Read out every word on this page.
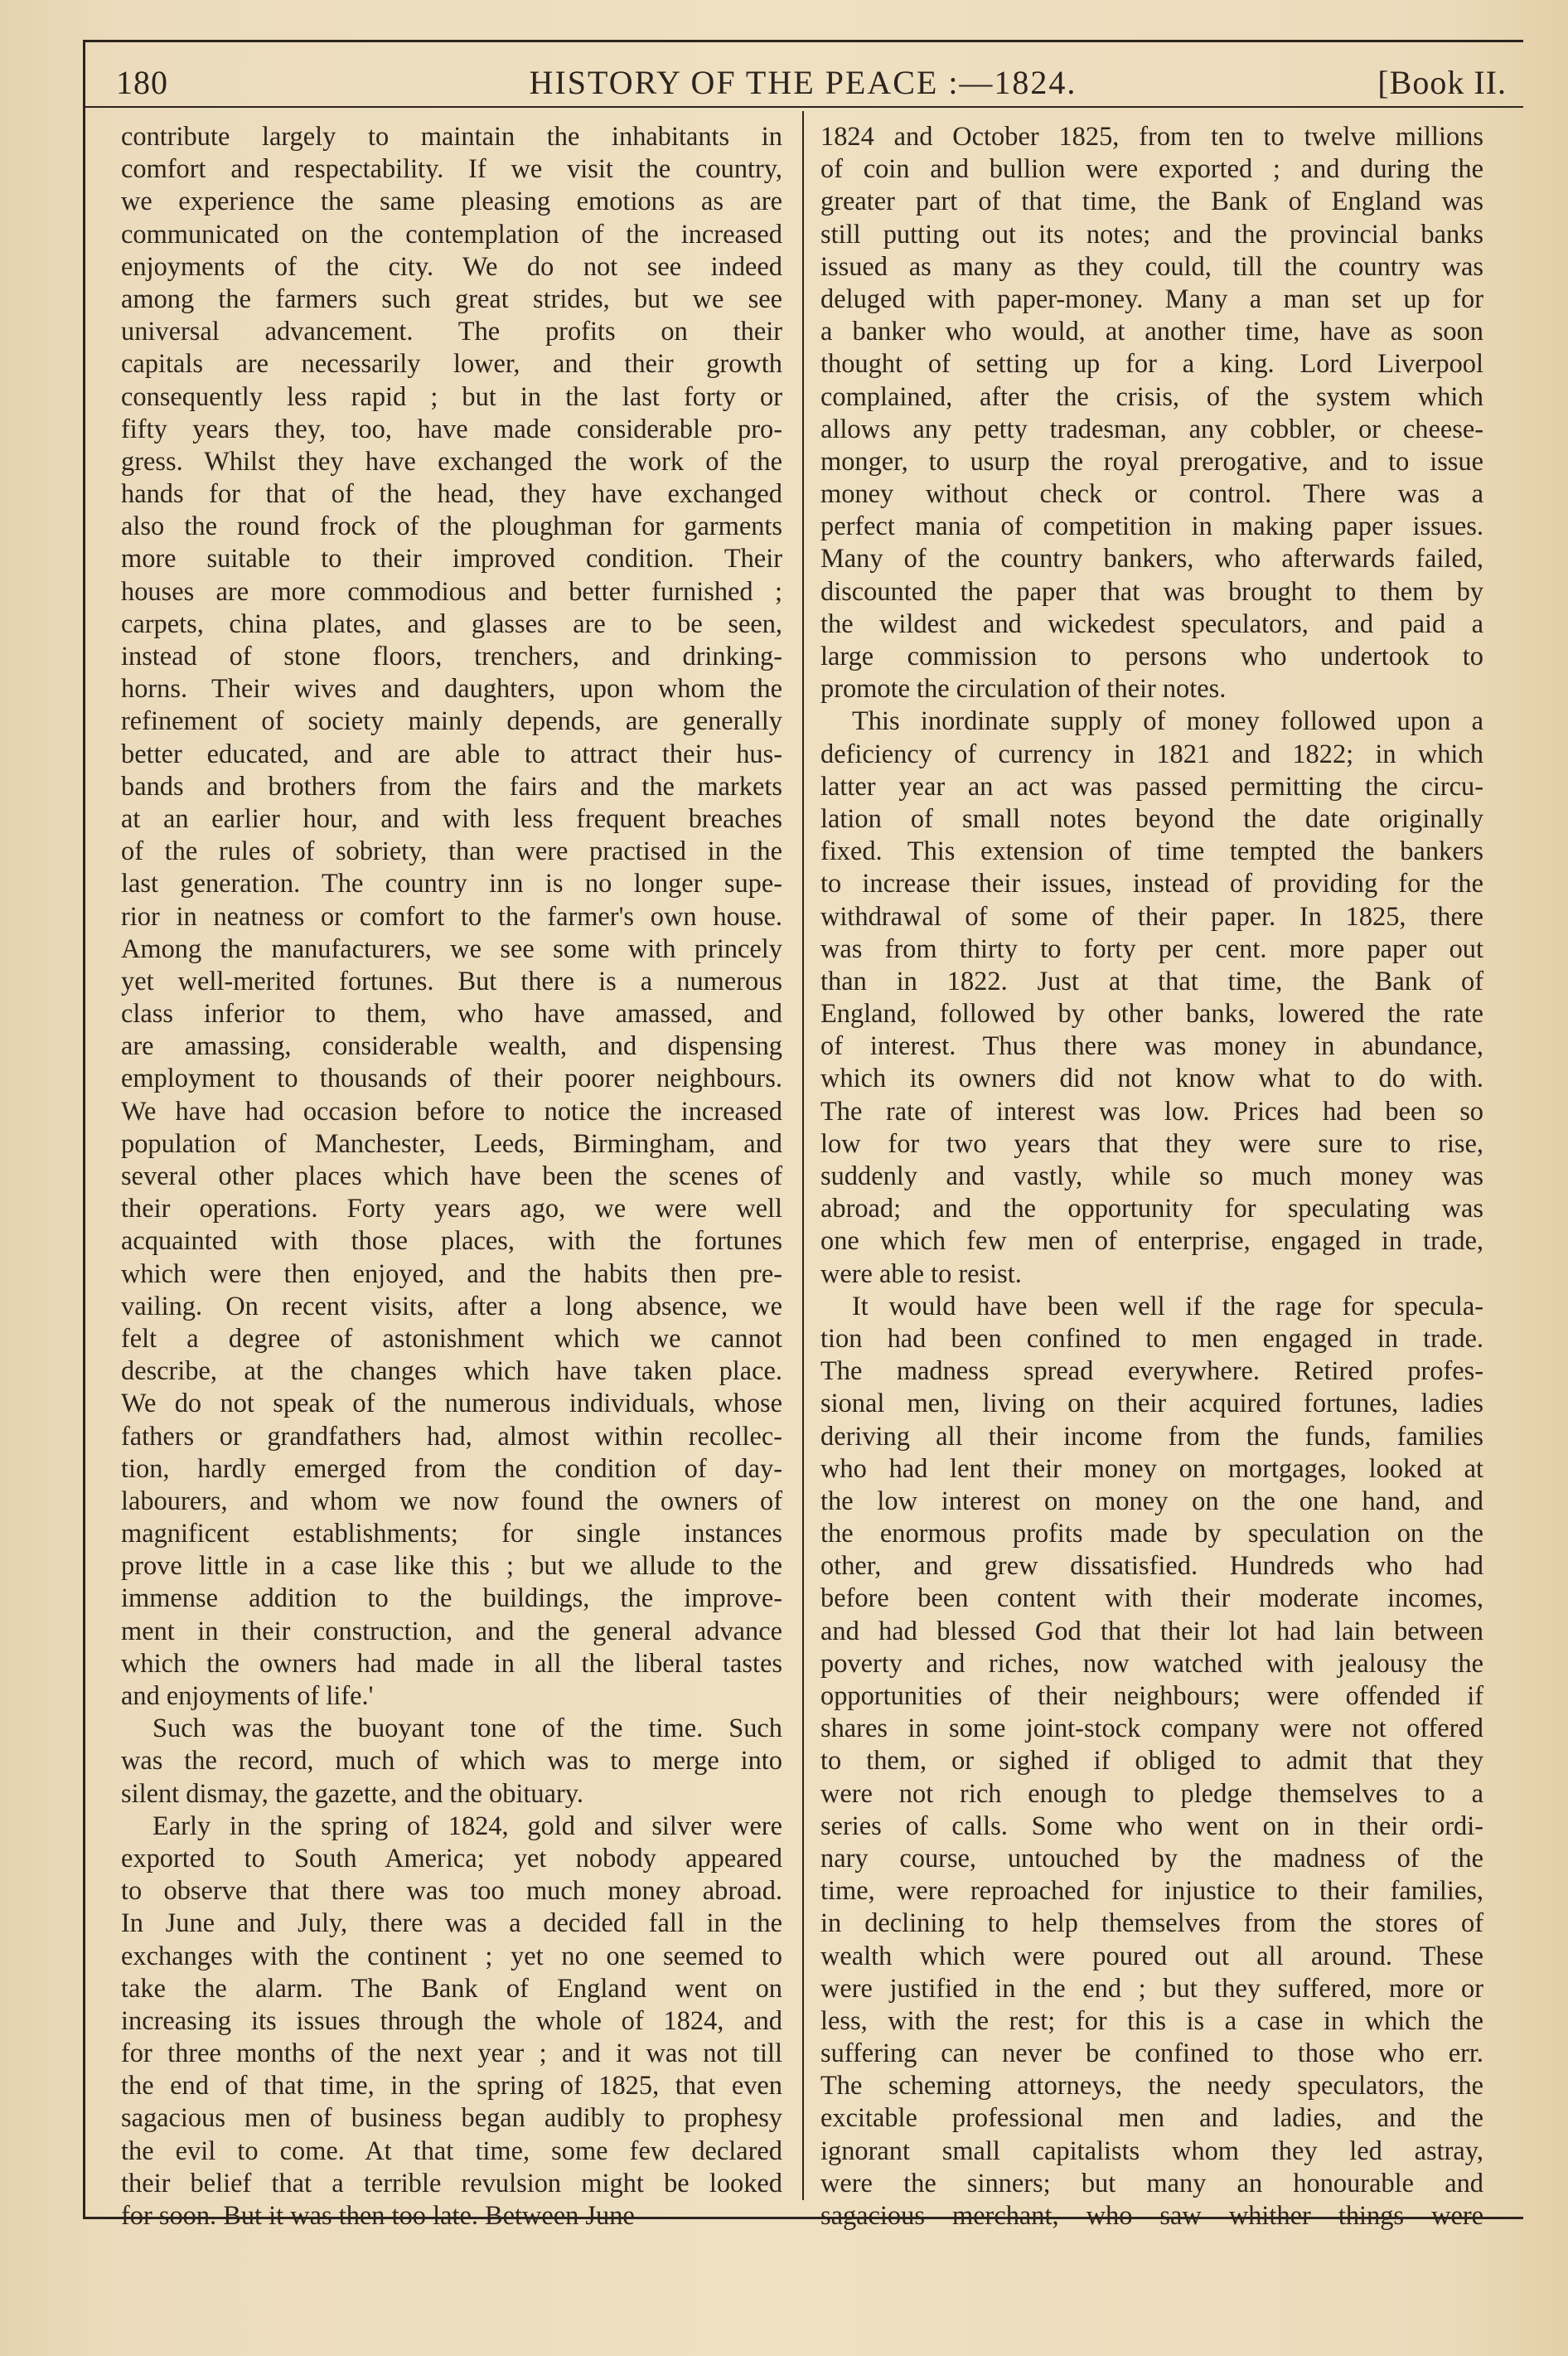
180	HISTORY OF THE PEACE :—1824.	[Book II.
contribute largely to maintain the inhabitants in
comfort and respectability. If we visit the country,
we experience the same pleasing emotions as are
communicated on the contemplation of the increased
enjoyments of the city. We do not see indeed
among the farmers such great strides, but we see
universal advancement. The profits on their
capitals are necessarily lower, and their growth
consequently less rapid ; but in the last forty or
fifty years they, too, have made considerable pro-
gress. Whilst they have exchanged the work of the
hands for that of the head, they have exchanged
also the round frock of the ploughman for garments
more suitable to their improved condition. Their
houses are more commodious and better furnished ;
carpets, china plates, and glasses are to be seen,
instead of stone floors, trenchers, and drinking-
horns. Their wives and daughters, upon whom the
refinement of society mainly depends, are generally
better educated, and are able to attract their hus-
bands and brothers from the fairs and the markets
at an earlier hour, and with less frequent breaches
of the rules of sobriety, than were practised in the
last generation. The country inn is no longer supe-
rior in neatness or comfort to the farmer's own house.
Among the manufacturers, we see some with princely
yet well-merited fortunes. But there is a numerous
class inferior to them, who have amassed, and
are amassing, considerable wealth, and dispensing
employment to thousands of their poorer neighbours.
We have had occasion before to notice the increased
population of Manchester, Leeds, Birmingham, and
several other places which have been the scenes of
their operations. Forty years ago, we were well
acquainted with those places, with the fortunes
which were then enjoyed, and the habits then pre-
vailing. On recent visits, after a long absence, we
felt a degree of astonishment which we cannot
describe, at the changes which have taken place.
We do not speak of the numerous individuals, whose
fathers or grandfathers had, almost within recollec-
tion, hardly emerged from the condition of day-
labourers, and whom we now found the owners of
magnificent establishments; for single instances
prove little in a case like this ; but we allude to the
immense addition to the buildings, the improve-
ment in their construction, and the general advance
which the owners had made in all the liberal tastes
and enjoyments of life.'
Such was the buoyant tone of the time. Such
was the record, much of which was to merge into
silent dismay, the gazette, and the obituary.
Early in the spring of 1824, gold and silver were
exported to South America; yet nobody appeared
to observe that there was too much money abroad.
In June and July, there was a decided fall in the
exchanges with the continent ; yet no one seemed to
take the alarm. The Bank of England went on
increasing its issues through the whole of 1824, and
for three months of the next year ; and it was not till
the end of that time, in the spring of 1825, that even
sagacious men of business began audibly to prophesy
the evil to come. At that time, some few declared
their belief that a terrible revulsion might be looked
for soon. But it was then too late. Between June
1824 and October 1825, from ten to twelve millions
of coin and bullion were exported ; and during the
greater part of that time, the Bank of England was
still putting out its notes; and the provincial banks
issued as many as they could, till the country was
deluged with paper-money. Many a man set up for
a banker who would, at another time, have as soon
thought of setting up for a king. Lord Liverpool
complained, after the crisis, of the system which
allows any petty tradesman, any cobbler, or cheese-
monger, to usurp the royal prerogative, and to issue
money without check or control. There was a
perfect mania of competition in making paper issues.
Many of the country bankers, who afterwards failed,
discounted the paper that was brought to them by
the wildest and wickedest speculators, and paid a
large commission to persons who undertook to
promote the circulation of their notes.
This inordinate supply of money followed upon a
deficiency of currency in 1821 and 1822; in which
latter year an act was passed permitting the circu-
lation of small notes beyond the date originally
fixed. This extension of time tempted the bankers
to increase their issues, instead of providing for the
withdrawal of some of their paper. In 1825, there
was from thirty to forty per cent. more paper out
than in 1822. Just at that time, the Bank of
England, followed by other banks, lowered the rate
of interest. Thus there was money in abundance,
which its owners did not know what to do with.
The rate of interest was low. Prices had been so
low for two years that they were sure to rise,
suddenly and vastly, while so much money was
abroad; and the opportunity for speculating was
one which few men of enterprise, engaged in trade,
were able to resist.
It would have been well if the rage for specula-
tion had been confined to men engaged in trade.
The madness spread everywhere. Retired profes-
sional men, living on their acquired fortunes, ladies
deriving all their income from the funds, families
who had lent their money on mortgages, looked at
the low interest on money on the one hand, and
the enormous profits made by speculation on the
other, and grew dissatisfied. Hundreds who had
before been content with their moderate incomes,
and had blessed God that their lot had lain between
poverty and riches, now watched with jealousy the
opportunities of their neighbours; were offended if
shares in some joint-stock company were not offered
to them, or sighed if obliged to admit that they
were not rich enough to pledge themselves to a
series of calls. Some who went on in their ordi-
nary course, untouched by the madness of the
time, were reproached for injustice to their families,
in declining to help themselves from the stores of
wealth which were poured out all around. These
were justified in the end ; but they suffered, more or
less, with the rest; for this is a case in which the
suffering can never be confined to those who err.
The scheming attorneys, the needy speculators, the
excitable professional men and ladies, and the
ignorant small capitalists whom they led astray,
were the sinners; but many an honourable and
sagacious merchant, who saw whither things were
